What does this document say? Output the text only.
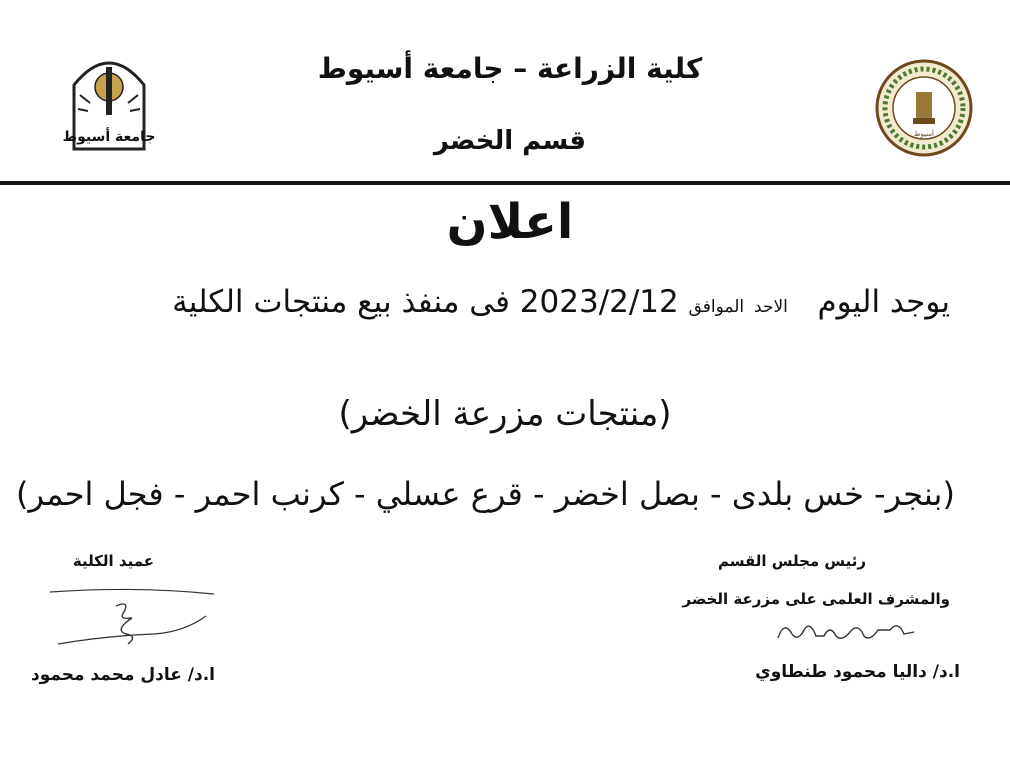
جامعة أسيوط	أسيوط
كلية الزراعة – جامعة أسيوط
قسم الخضر
اعلان
يوجد اليوم   الاحد الموافق 2023/2/12 فى منفذ بيع منتجات الكلية
(منتجات مزرعة الخضر)
(بنجر- خس بلدى - بصل اخضر - قرع عسلي - كرنب احمر - فجل احمر)
رئيس مجلس القسم
والمشرف العلمى على مزرعة الخضر
ا.د/ داليا محمود طنطاوي
عميد الكلية
ا.د/ عادل محمد محمود
